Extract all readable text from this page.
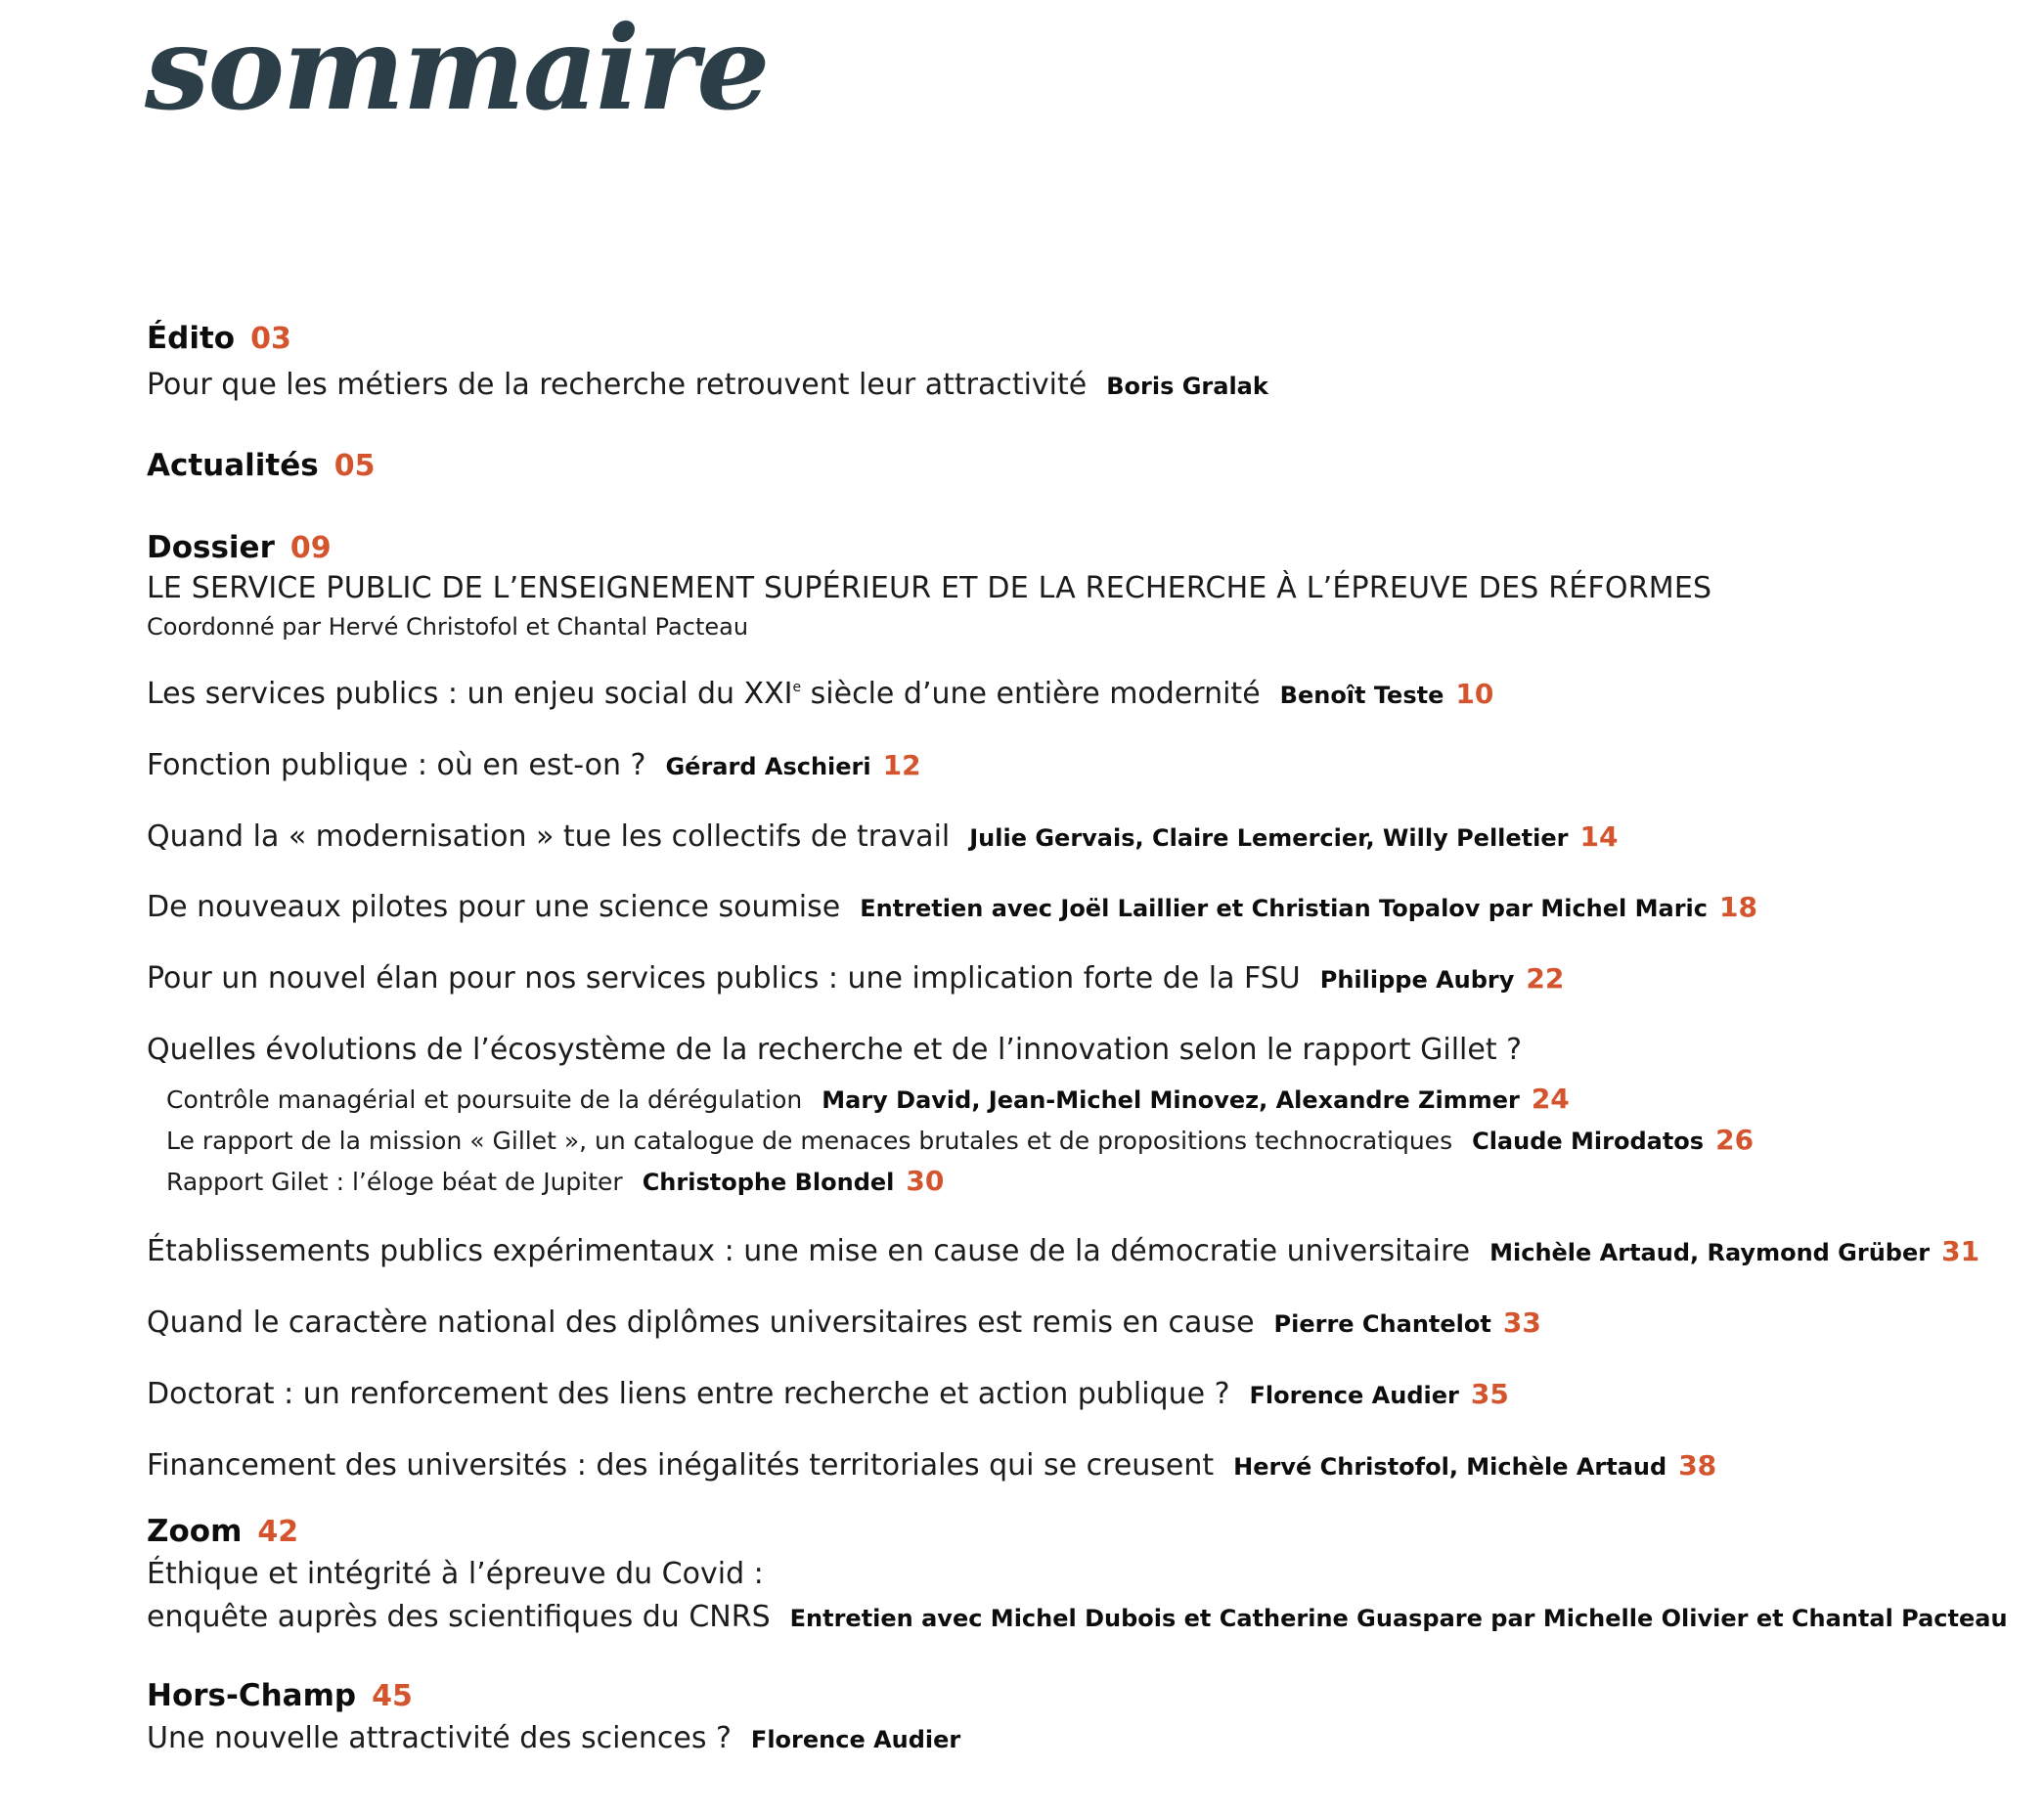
sommaire
Édito 03
Pour que les métiers de la recherche retrouvent leur attractivité Boris Gralak
Actualités 05
Dossier 09
LE SERVICE PUBLIC DE L’ENSEIGNEMENT SUPÉRIEUR ET DE LA RECHERCHE À L’ÉPREUVE DES RÉFORMES
Coordonné par Hervé Christofol et Chantal Pacteau
Les services publics : un enjeu social du XXIe siècle d’une entière modernité Benoît Teste 10
Fonction publique : où en est-on ? Gérard Aschieri 12
Quand la « modernisation » tue les collectifs de travail Julie Gervais, Claire Lemercier, Willy Pelletier 14
De nouveaux pilotes pour une science soumise Entretien avec Joël Laillier et Christian Topalov par Michel Maric 18
Pour un nouvel élan pour nos services publics : une implication forte de la FSU Philippe Aubry 22
Quelles évolutions de l’écosystème de la recherche et de l’innovation selon le rapport Gillet ?
Contrôle managérial et poursuite de la dérégulation Mary David, Jean-Michel Minovez, Alexandre Zimmer 24
Le rapport de la mission « Gillet », un catalogue de menaces brutales et de propositions technocratiques Claude Mirodatos 26
Rapport Gilet : l’éloge béat de Jupiter Christophe Blondel 30
Établissements publics expérimentaux : une mise en cause de la démocratie universitaire Michèle Artaud, Raymond Grüber 31
Quand le caractère national des diplômes universitaires est remis en cause Pierre Chantelot 33
Doctorat : un renforcement des liens entre recherche et action publique ? Florence Audier 35
Financement des universités : des inégalités territoriales qui se creusent Hervé Christofol, Michèle Artaud 38
Zoom 42
Éthique et intégrité à l’épreuve du Covid :
enquête auprès des scientifiques du CNRS Entretien avec Michel Dubois et Catherine Guaspare par Michelle Olivier et Chantal Pacteau
Hors-Champ 45
Une nouvelle attractivité des sciences ? Florence Audier
